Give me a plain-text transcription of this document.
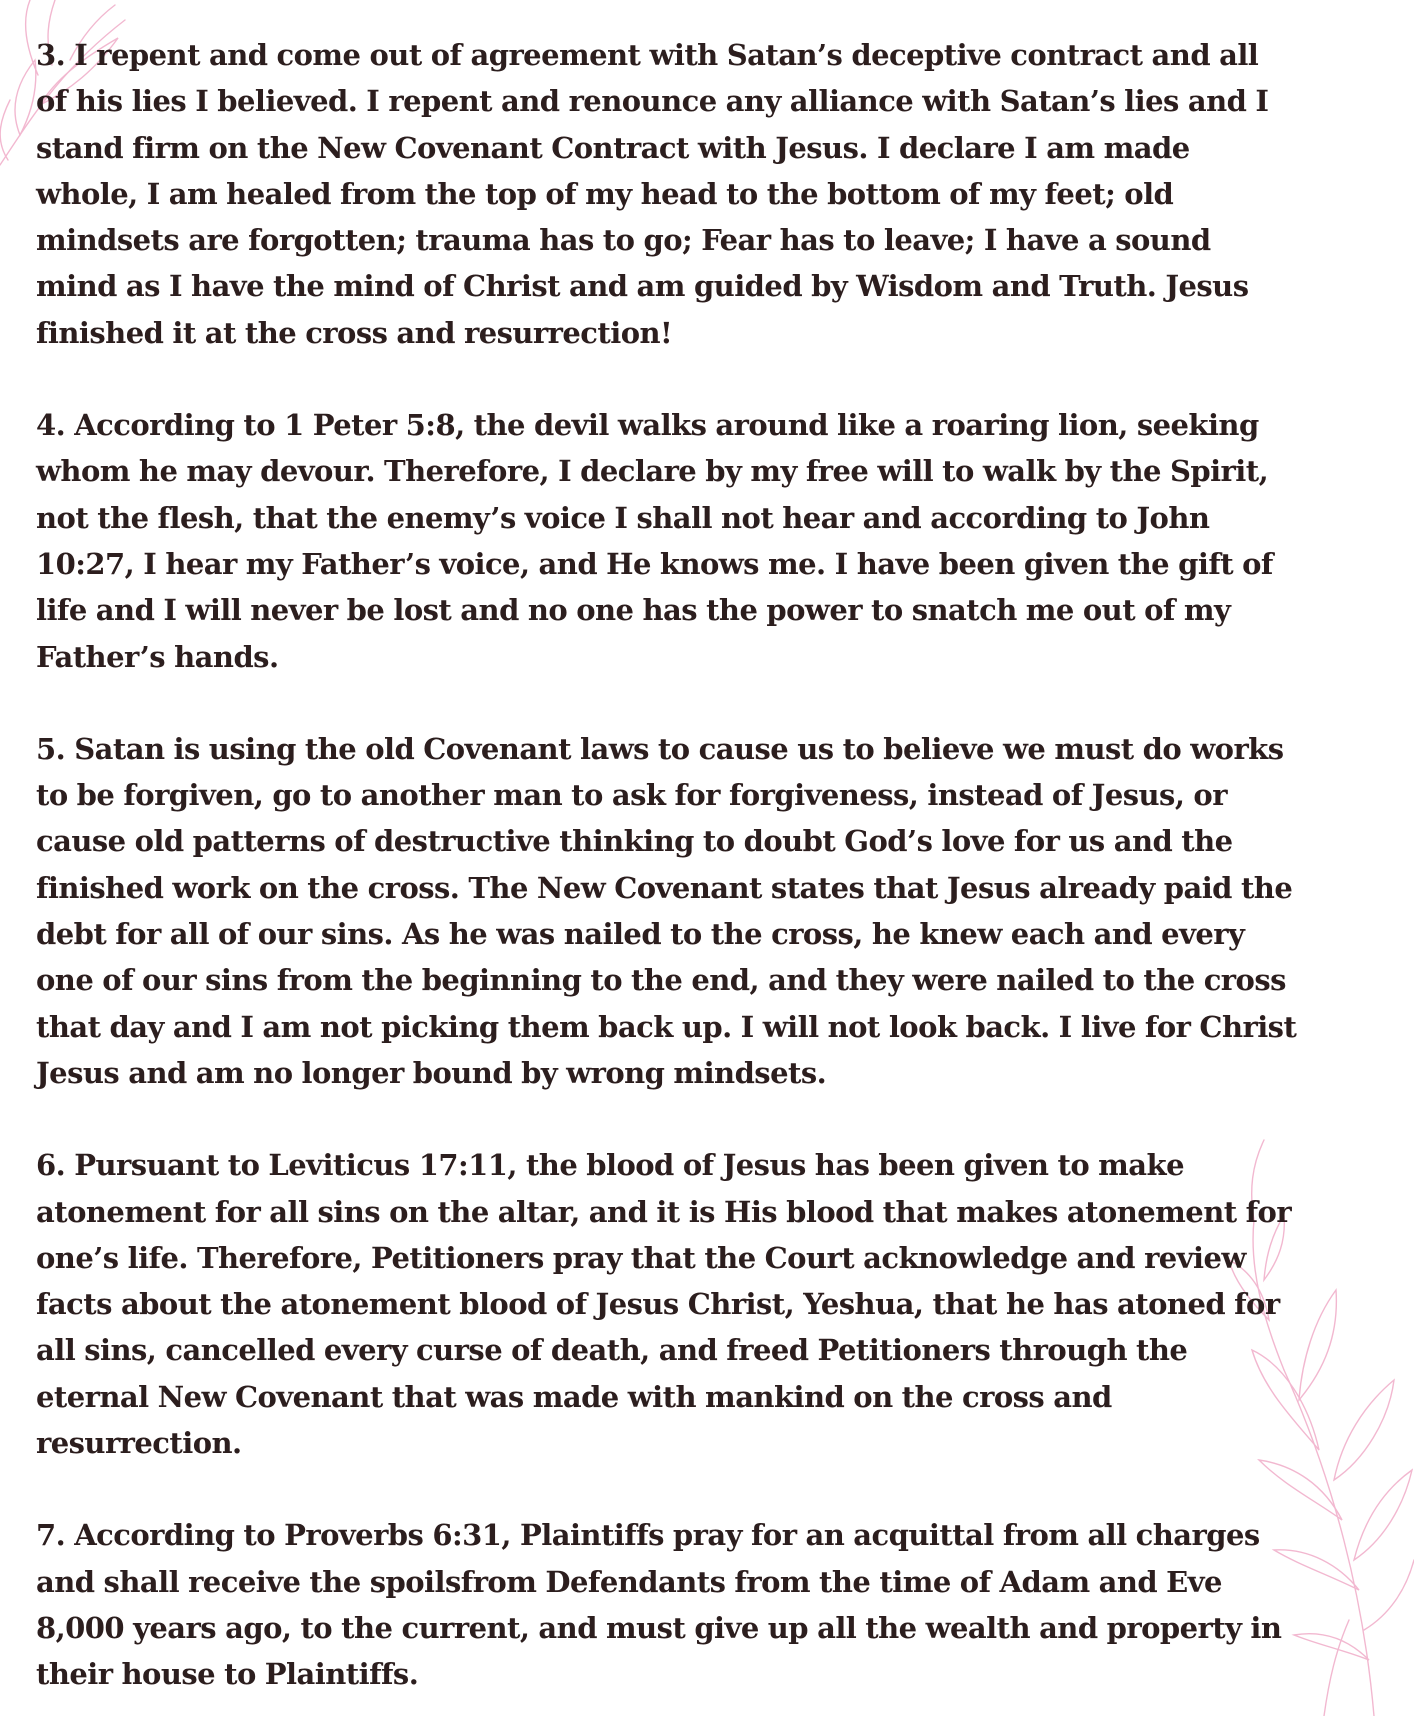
3. I repent and come out of agreement with Satan’s deceptive contract and all
of his lies I believed. I repent and renounce any alliance with Satan’s lies and I
stand firm on the New Covenant Contract with Jesus. I declare I am made
whole, I am healed from the top of my head to the bottom of my feet; old
mindsets are forgotten; trauma has to go; Fear has to leave; I have a sound
mind as I have the mind of Christ and am guided by Wisdom and Truth. Jesus
finished it at the cross and resurrection!

4. According to 1 Peter 5:8, the devil walks around like a roaring lion, seeking
whom he may devour. Therefore, I declare by my free will to walk by the Spirit,
not the flesh, that the enemy’s voice I shall not hear and according to John
10:27, I hear my Father’s voice, and He knows me. I have been given the gift of
life and I will never be lost and no one has the power to snatch me out of my
Father’s hands.

5. Satan is using the old Covenant laws to cause us to believe we must do works
to be forgiven, go to another man to ask for forgiveness, instead of Jesus, or
cause old patterns of destructive thinking to doubt God’s love for us and the
finished work on the cross. The New Covenant states that Jesus already paid the
debt for all of our sins. As he was nailed to the cross, he knew each and every
one of our sins from the beginning to the end, and they were nailed to the cross
that day and I am not picking them back up. I will not look back. I live for Christ
Jesus and am no longer bound by wrong mindsets.

6. Pursuant to Leviticus 17:11, the blood of Jesus has been given to make
atonement for all sins on the altar, and it is His blood that makes atonement for
one’s life. Therefore, Petitioners pray that the Court acknowledge and review
facts about the atonement blood of Jesus Christ, Yeshua, that he has atoned for
all sins, cancelled every curse of death, and freed Petitioners through the
eternal New Covenant that was made with mankind on the cross and
resurrection.

7. According to Proverbs 6:31, Plaintiffs pray for an acquittal from all charges
and shall receive the spoilsfrom Defendants from the time of Adam and Eve
8,000 years ago, to the current, and must give up all the wealth and property in
their house to Plaintiffs.
